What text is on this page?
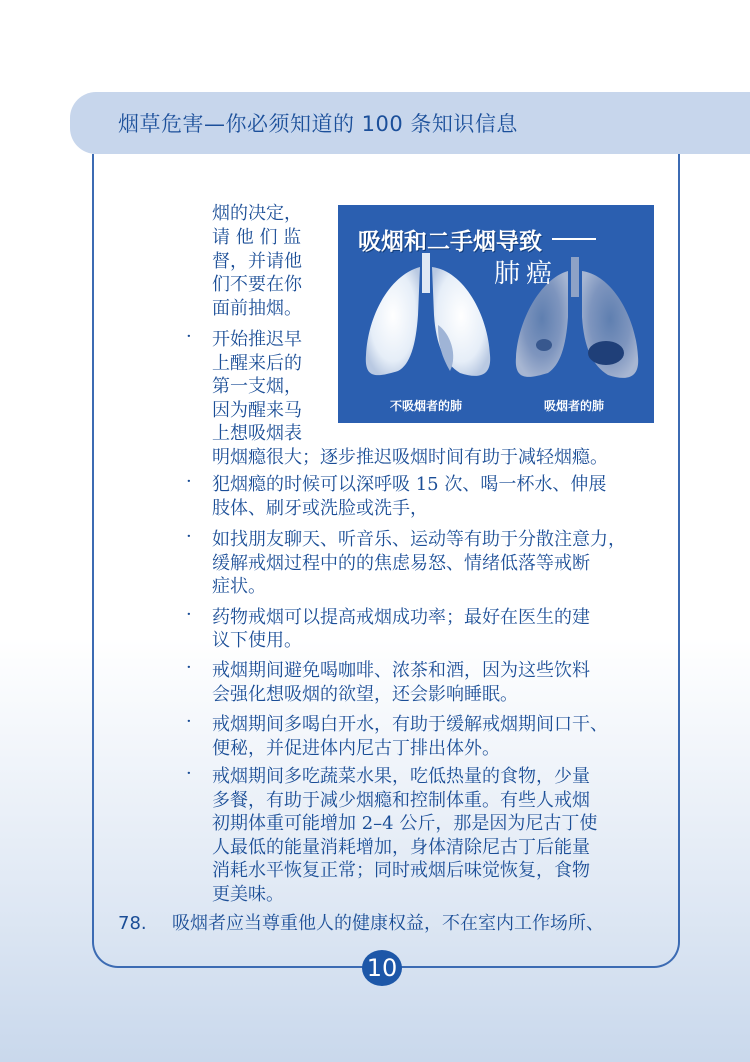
烟草危害—你必须知道的 100 条知识信息
吸烟和二手烟导致
肺癌
不吸烟者的肺	吸烟者的肺
烟的决定，
请 他 们 监
督，并请他
们不要在你
面前抽烟。
· 开始推迟早
上醒来后的
第一支烟，
因为醒来马
上想吸烟表
明烟瘾很大；逐步推迟吸烟时间有助于减轻烟瘾。
· 犯烟瘾的时候可以深呼吸 15 次、喝一杯水、伸展
肢体、刷牙或洗脸或洗手，
· 如找朋友聊天、听音乐、运动等有助于分散注意力，
缓解戒烟过程中的的焦虑易怒、情绪低落等戒断
症状。
· 药物戒烟可以提高戒烟成功率；最好在医生的建
议下使用。
· 戒烟期间避免喝咖啡、浓茶和酒，因为这些饮料
会强化想吸烟的欲望，还会影响睡眠。
· 戒烟期间多喝白开水，有助于缓解戒烟期间口干、
便秘，并促进体内尼古丁排出体外。
· 戒烟期间多吃蔬菜水果，吃低热量的食物，少量
多餐，有助于减少烟瘾和控制体重。有些人戒烟
初期体重可能增加 2–4 公斤，那是因为尼古丁使
人最低的能量消耗增加，身体清除尼古丁后能量
消耗水平恢复正常；同时戒烟后味觉恢复，食物
更美味。
78. 吸烟者应当尊重他人的健康权益，不在室内工作场所、
10
